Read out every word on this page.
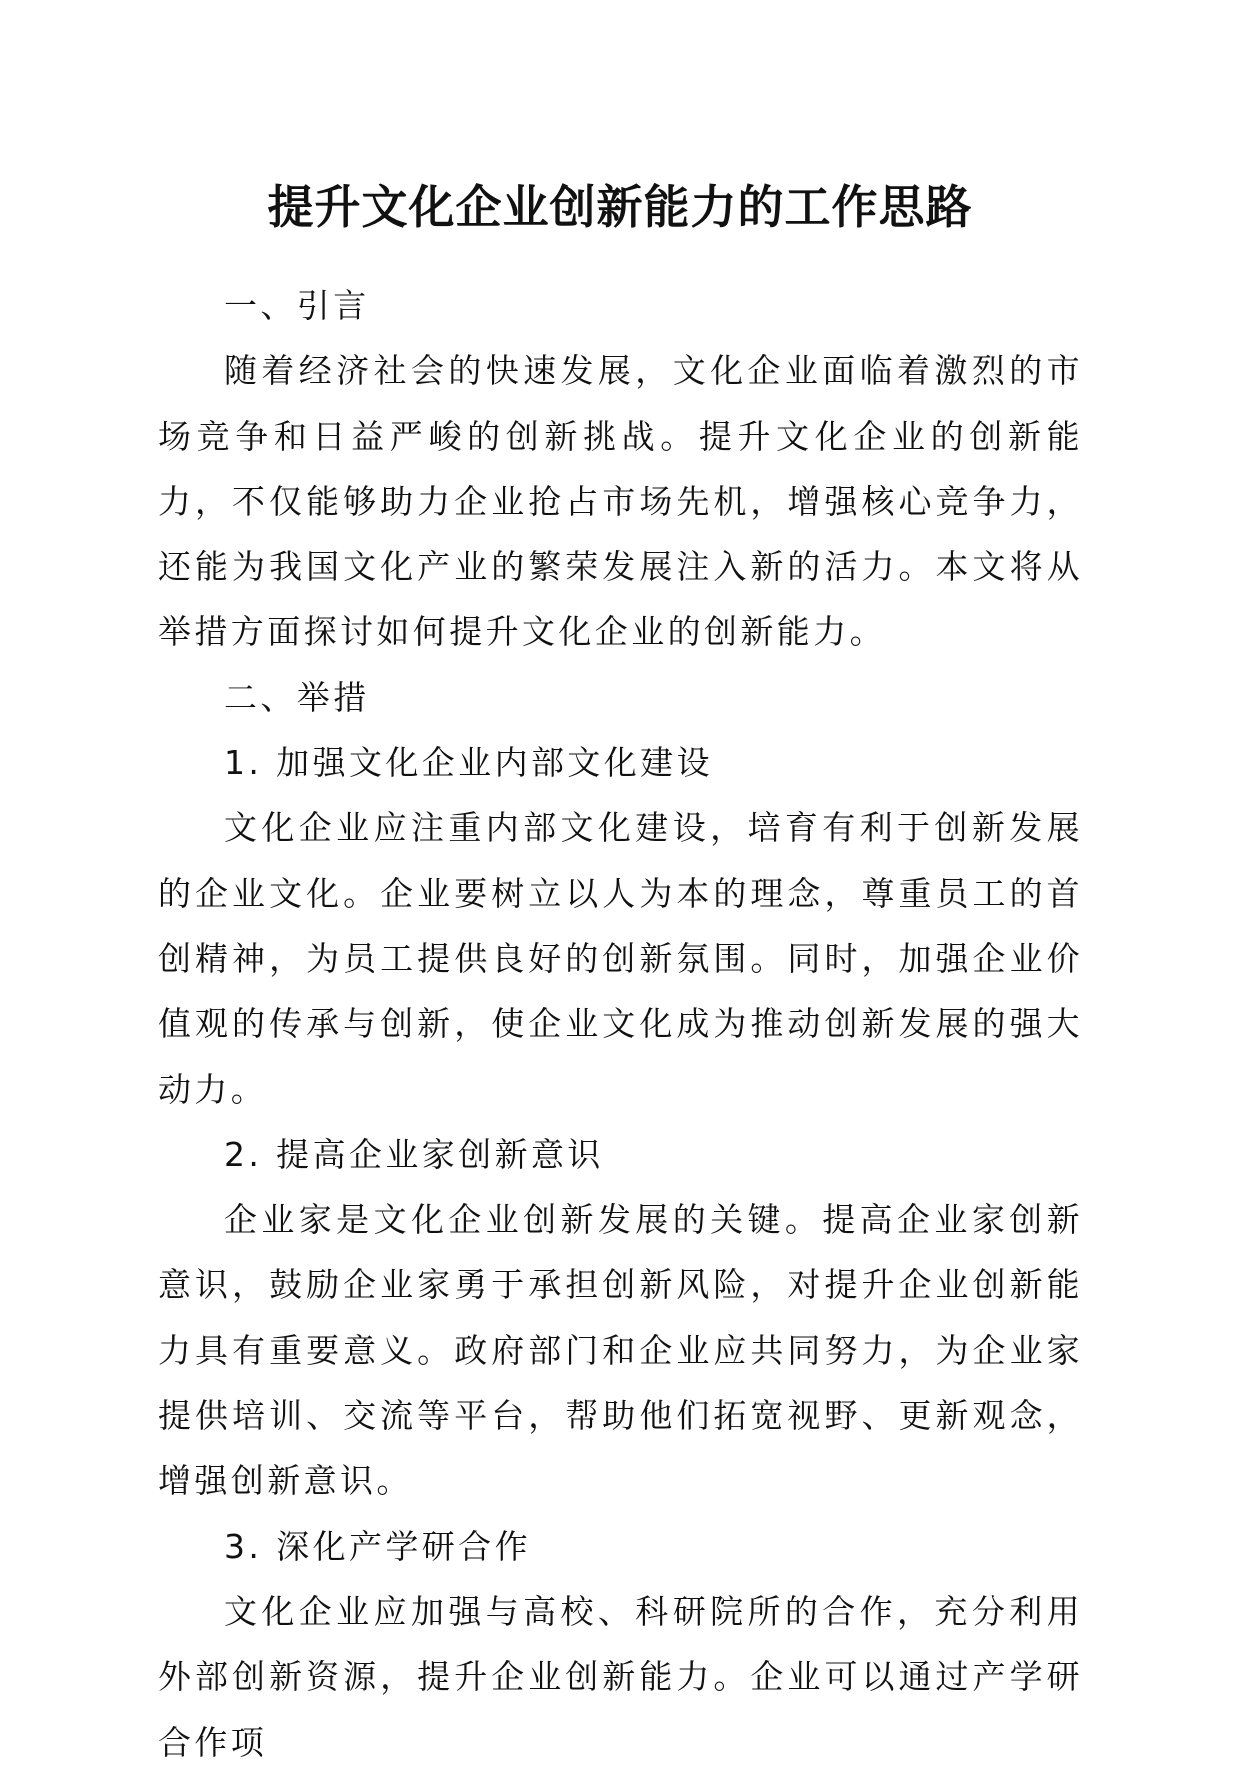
提升文化企业创新能力的工作思路

一、引言

随着经济社会的快速发展，文化企业面临着激烈的市场竞争和日益严峻的创新挑战。提升文化企业的创新能力，不仅能够助力企业抢占市场先机，增强核心竞争力，还能为我国文化产业的繁荣发展注入新的活力。本文将从举措方面探讨如何提升文化企业的创新能力。

二、举措

1. 加强文化企业内部文化建设

文化企业应注重内部文化建设，培育有利于创新发展的企业文化。企业要树立以人为本的理念，尊重员工的首创精神，为员工提供良好的创新氛围。同时，加强企业价值观的传承与创新，使企业文化成为推动创新发展的强大动力。

2. 提高企业家创新意识

企业家是文化企业创新发展的关键。提高企业家创新意识，鼓励企业家勇于承担创新风险，对提升企业创新能力具有重要意义。政府部门和企业应共同努力，为企业家提供培训、交流等平台，帮助他们拓宽视野、更新观念，增强创新意识。

3. 深化产学研合作

文化企业应加强与高校、科研院所的合作，充分利用外部创新资源，提升企业创新能力。企业可以通过产学研合作项
